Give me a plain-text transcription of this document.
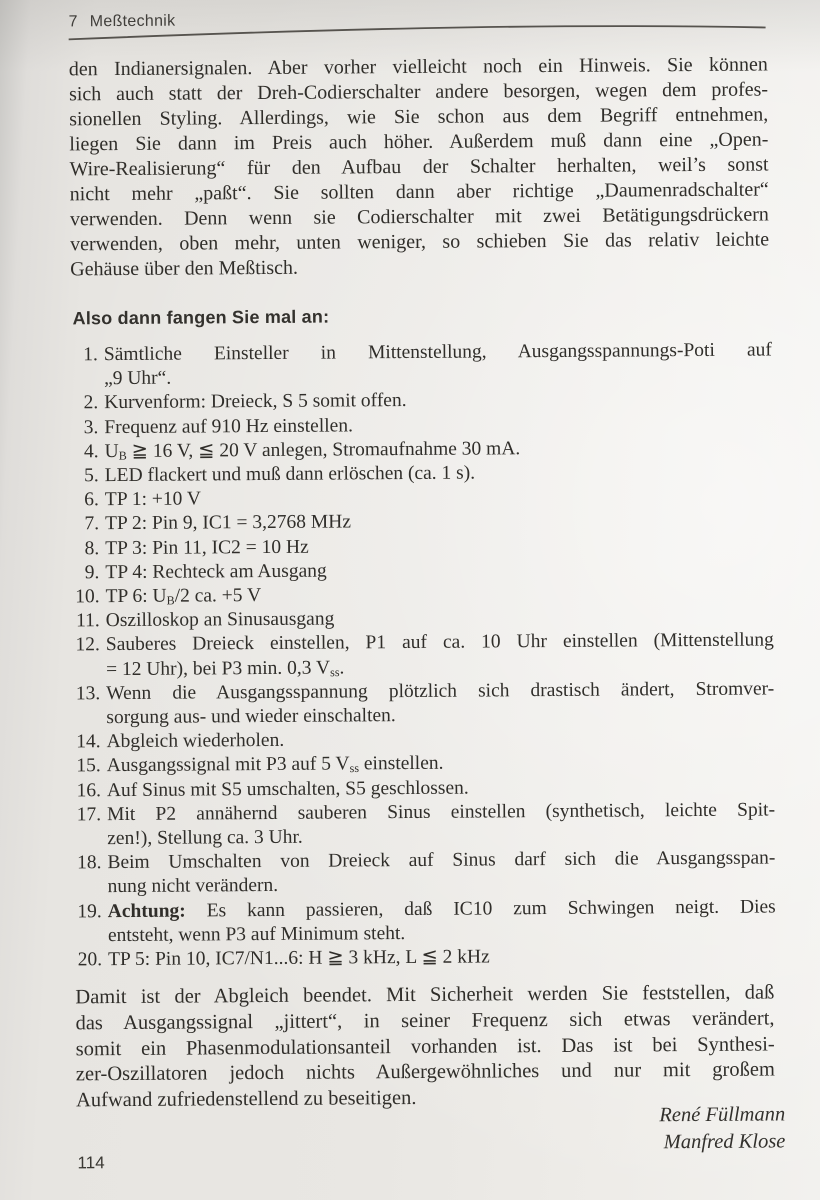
7 Meßtechnik
den Indianersignalen. Aber vorher vielleicht noch ein Hinweis. Sie können
sich auch statt der Dreh-Codierschalter andere besorgen, wegen dem profes-
sionellen Styling. Allerdings, wie Sie schon aus dem Begriff entnehmen,
liegen Sie dann im Preis auch höher. Außerdem muß dann eine „Open-
Wire-Realisierung“ für den Aufbau der Schalter herhalten, weil’s sonst
nicht mehr „paßt“. Sie sollten dann aber richtige „Daumenradschalter“
verwenden. Denn wenn sie Codierschalter mit zwei Betätigungsdrückern
verwenden, oben mehr, unten weniger, so schieben Sie das relativ leichte
Gehäuse über den Meßtisch.
Also dann fangen Sie mal an:
1. Sämtliche Einsteller in Mittenstellung, Ausgangsspannungs-Poti auf
„9 Uhr“.
2. Kurvenform: Dreieck, S 5 somit offen.
3. Frequenz auf 910 Hz einstellen.
4. $U_B$ ≧ 16 V, ≦ 20 V anlegen, Stromaufnahme 30 mA.
5. LED flackert und muß dann erlöschen (ca. 1 s).
6. TP 1: +10 V
7. TP 2: Pin 9, IC1 = 3,2768 MHz
8. TP 3: Pin 11, IC2 = 10 Hz
9. TP 4: Rechteck am Ausgang
10. TP 6: $U_B/2$ ca. +5 V
11. Oszilloskop an Sinusausgang
12. Sauberes Dreieck einstellen, P1 auf ca. 10 Uhr einstellen (Mittenstellung
= 12 Uhr), bei P3 min. 0,3 $V_{ss}$.
13. Wenn die Ausgangsspannung plötzlich sich drastisch ändert, Stromver-
sorgung aus- und wieder einschalten.
14. Abgleich wiederholen.
15. Ausgangssignal mit P3 auf 5 $V_{ss}$ einstellen.
16. Auf Sinus mit S5 umschalten, S5 geschlossen.
17. Mit P2 annähernd sauberen Sinus einstellen (synthetisch, leichte Spit-
zen!), Stellung ca. 3 Uhr.
18. Beim Umschalten von Dreieck auf Sinus darf sich die Ausgangsspan-
nung nicht verändern.
19. Achtung: Es kann passieren, daß IC10 zum Schwingen neigt. Dies
entsteht, wenn P3 auf Minimum steht.
20. TP 5: Pin 10, IC7/N1...6: H ≧ 3 kHz, L ≦ 2 kHz
Damit ist der Abgleich beendet. Mit Sicherheit werden Sie feststellen, daß
das Ausgangssignal „jittert“, in seiner Frequenz sich etwas verändert,
somit ein Phasenmodulationsanteil vorhanden ist. Das ist bei Synthesi-
zer-Oszillatoren jedoch nichts Außergewöhnliches und nur mit großem
Aufwand zufriedenstellend zu beseitigen.
René Füllmann
Manfred Klose
114
